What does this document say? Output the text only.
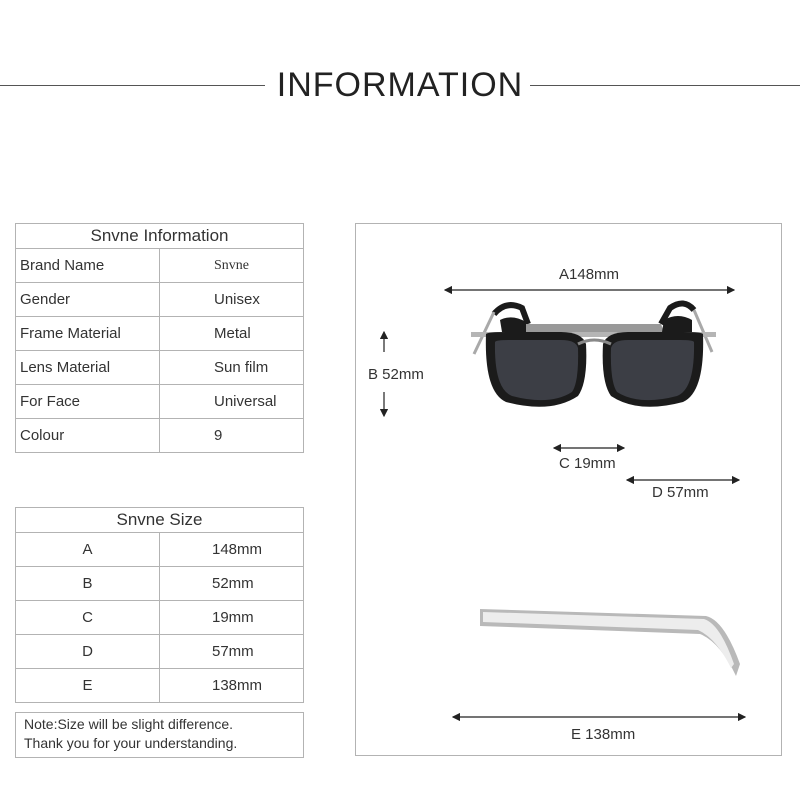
INFORMATION
Snvne Information	
Brand Name	Snvne
Gender	Unisex
Frame Material	Metal
Lens Material	Sun film
For Face	Universal
Colour	9
Snvne Size	
A	148mm
B	52mm
C	19mm
D	57mm
E	138mm
Note:Size will be slight difference.
Thank you for your understanding.
A148mm
B 52mm
C 19mm
D 57mm
E 138mm
